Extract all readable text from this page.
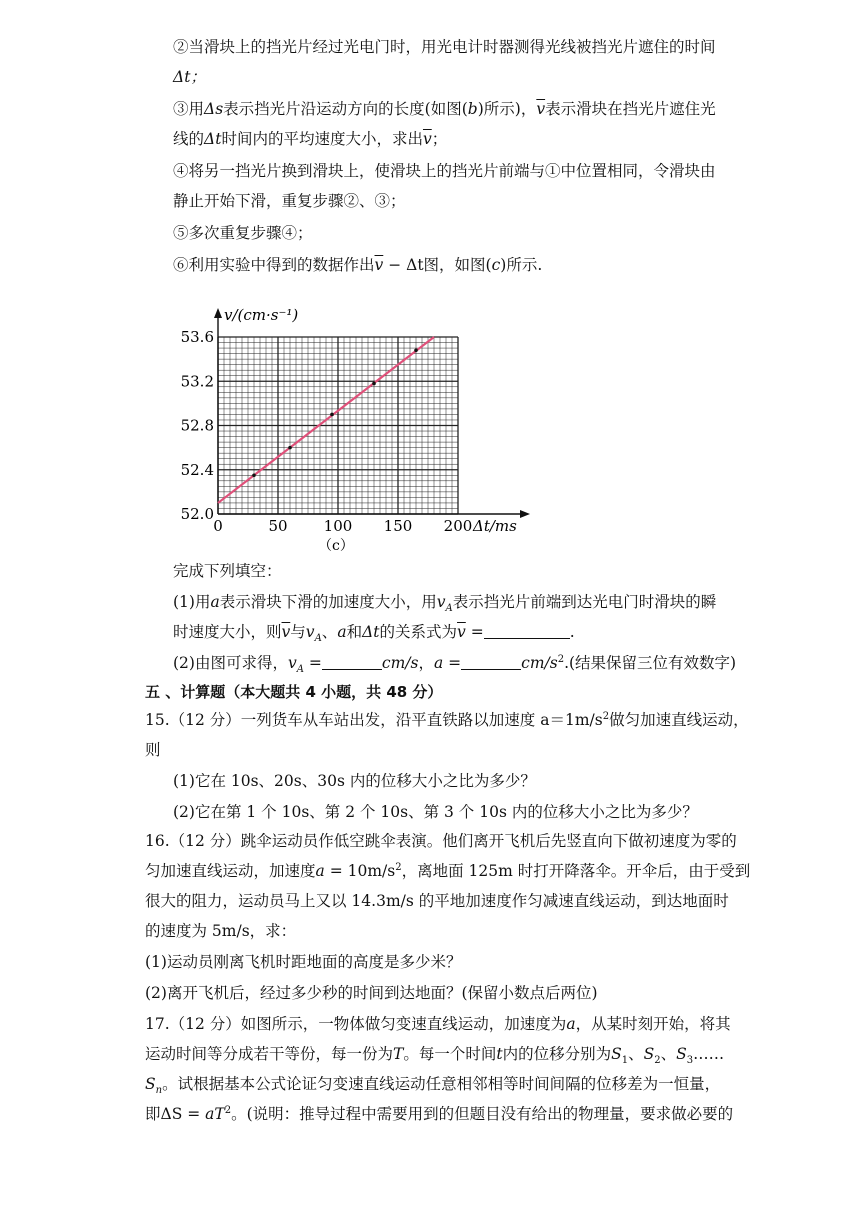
②当滑块上的挡光片经过光电门时，用光电计时器测得光线被挡光片遮住的时间
Δt；
③用Δs表示挡光片沿运动方向的长度(如图(b)所示)，$\overline{v}$表示滑块在挡光片遮住光
线的Δt时间内的平均速度大小，求出$\overline{v}$；
④将另一挡光片换到滑块上，使滑块上的挡光片前端与①中位置相同，令滑块由
静止开始下滑，重复步骤②、③；
⑤多次重复步骤④；
⑥利用实验中得到的数据作出$\overline{v} - \Delta t$图，如图(c)所示.
0	50 100 150 200
52.0
52.4
52.8
53.2
53.6
v/(cm·s⁻¹)
Δt/ms
（c）
完成下列填空：
(1)用a表示滑块下滑的加速度大小，用$v_A$表示挡光片前端到达光电门时滑块的瞬
时速度大小，则$\overline{v}$与$v_A$、a和Δt的关系式为$\overline{v}$ =	.
(2)由图可求得，$v_A$ =	cm/s，a =	$cm/s^2$.(结果保留三位有效数字)
五 、计算题（本大题共 4 小题，共 48 分）
15.（12 分）一列货车从车站出发，沿平直铁路以加速度 $a=1m/s^2$做匀加速直线运动，
则
(1)它在 10s、20s、30s 内的位移大小之比为多少？
(2)它在第 1 个 10s、第 2 个 10s、第 3 个 10s 内的位移大小之比为多少？
16.（12 分）跳伞运动员作低空跳伞表演。他们离开飞机后先竖直向下做初速度为零的
匀加速直线运动，加速度$a = 10m/s^2$，离地面 125m 时打开降落伞。开伞后，由于受到
很大的阻力，运动员马上又以 14.3m/s 的平地加速度作匀减速直线运动，到达地面时
的速度为 5m/s，求：
(1)运动员刚离飞机时距地面的高度是多少米？
(2)离开飞机后，经过多少秒的时间到达地面？(保留小数点后两位)
17.（12 分）如图所示，一物体做匀变速直线运动，加速度为a，从某时刻开始，将其
运动时间等分成若干等份，每一份为T。每一个时间t内的位移分别为$S_1$、$S_2$、$S_3\dots\dots$
$S_n$。试根据基本公式论证匀变速直线运动任意相邻相等时间间隔的位移差为一恒量，
即$\Delta S = aT^2$。(说明：推导过程中需要用到的但题目没有给出的物理量，要求做必要的
